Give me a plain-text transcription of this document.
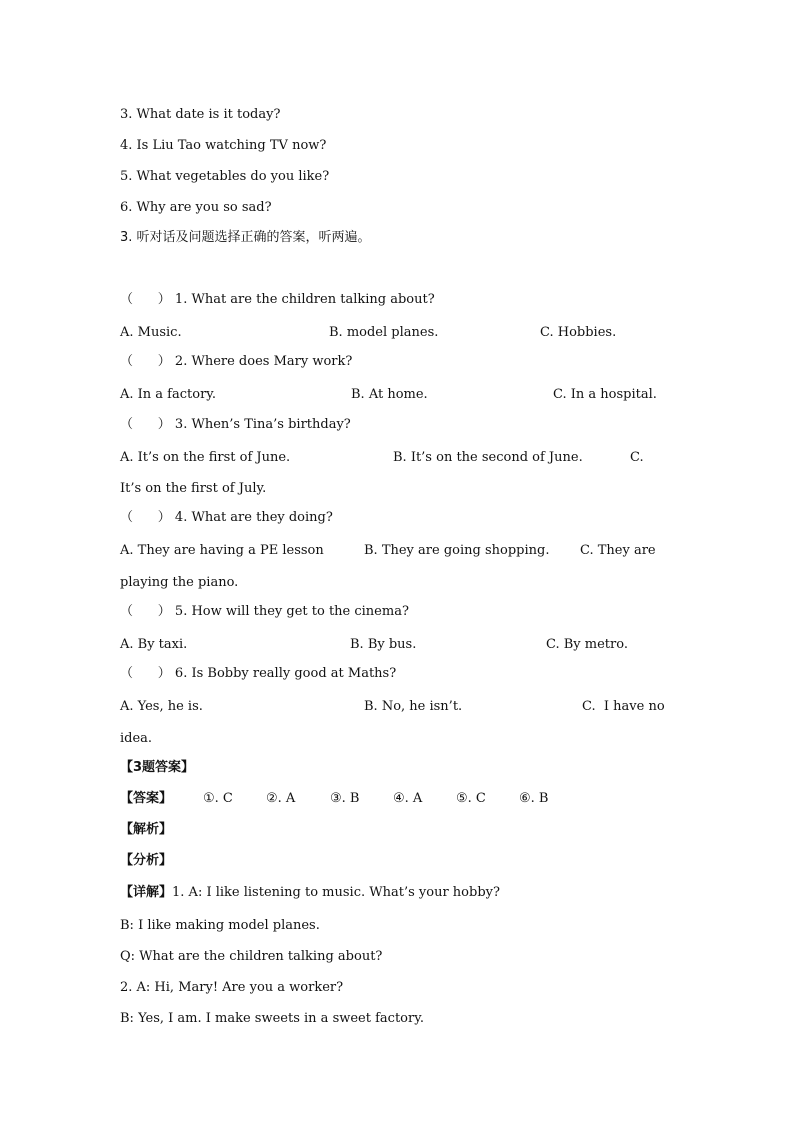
3. What date is it today?
4. Is Liu Tao watching TV now?
5. What vegetables do you like?
6. Why are you so sad?
3. 听对话及问题选择正确的答案，听两遍。
（      ） 1. What are the children talking about?
A. Music.	B. model planes.	C. Hobbies.
（      ） 2. Where does Mary work?
A. In a factory.	B. At home.	C. In a hospital.
（      ） 3. When’s Tina’s birthday?
A. It’s on the first of June.	B. It’s on the second of June.	C.
It’s on the first of July.
（      ） 4. What are they doing?
A. They are having a PE lesson	B. They are going shopping. C. They are
playing the piano.
（      ） 5. How will they get to the cinema?
A. By taxi.	B. By bus.	C. By metro.
（      ） 6. Is Bobby really good at Maths?
A. Yes, he is.	B. No, he isn’t.	C.  I have no
idea.
【3题答案】
【答案】 ①. C	②. A	③. B	④. A	⑤. C	⑥. B
【解析】
【分析】
【详解】1. A: I like listening to music. What’s your hobby?
B: I like making model planes.
Q: What are the children talking about?
2. A: Hi, Mary! Are you a worker?
B: Yes, I am. I make sweets in a sweet factory.
